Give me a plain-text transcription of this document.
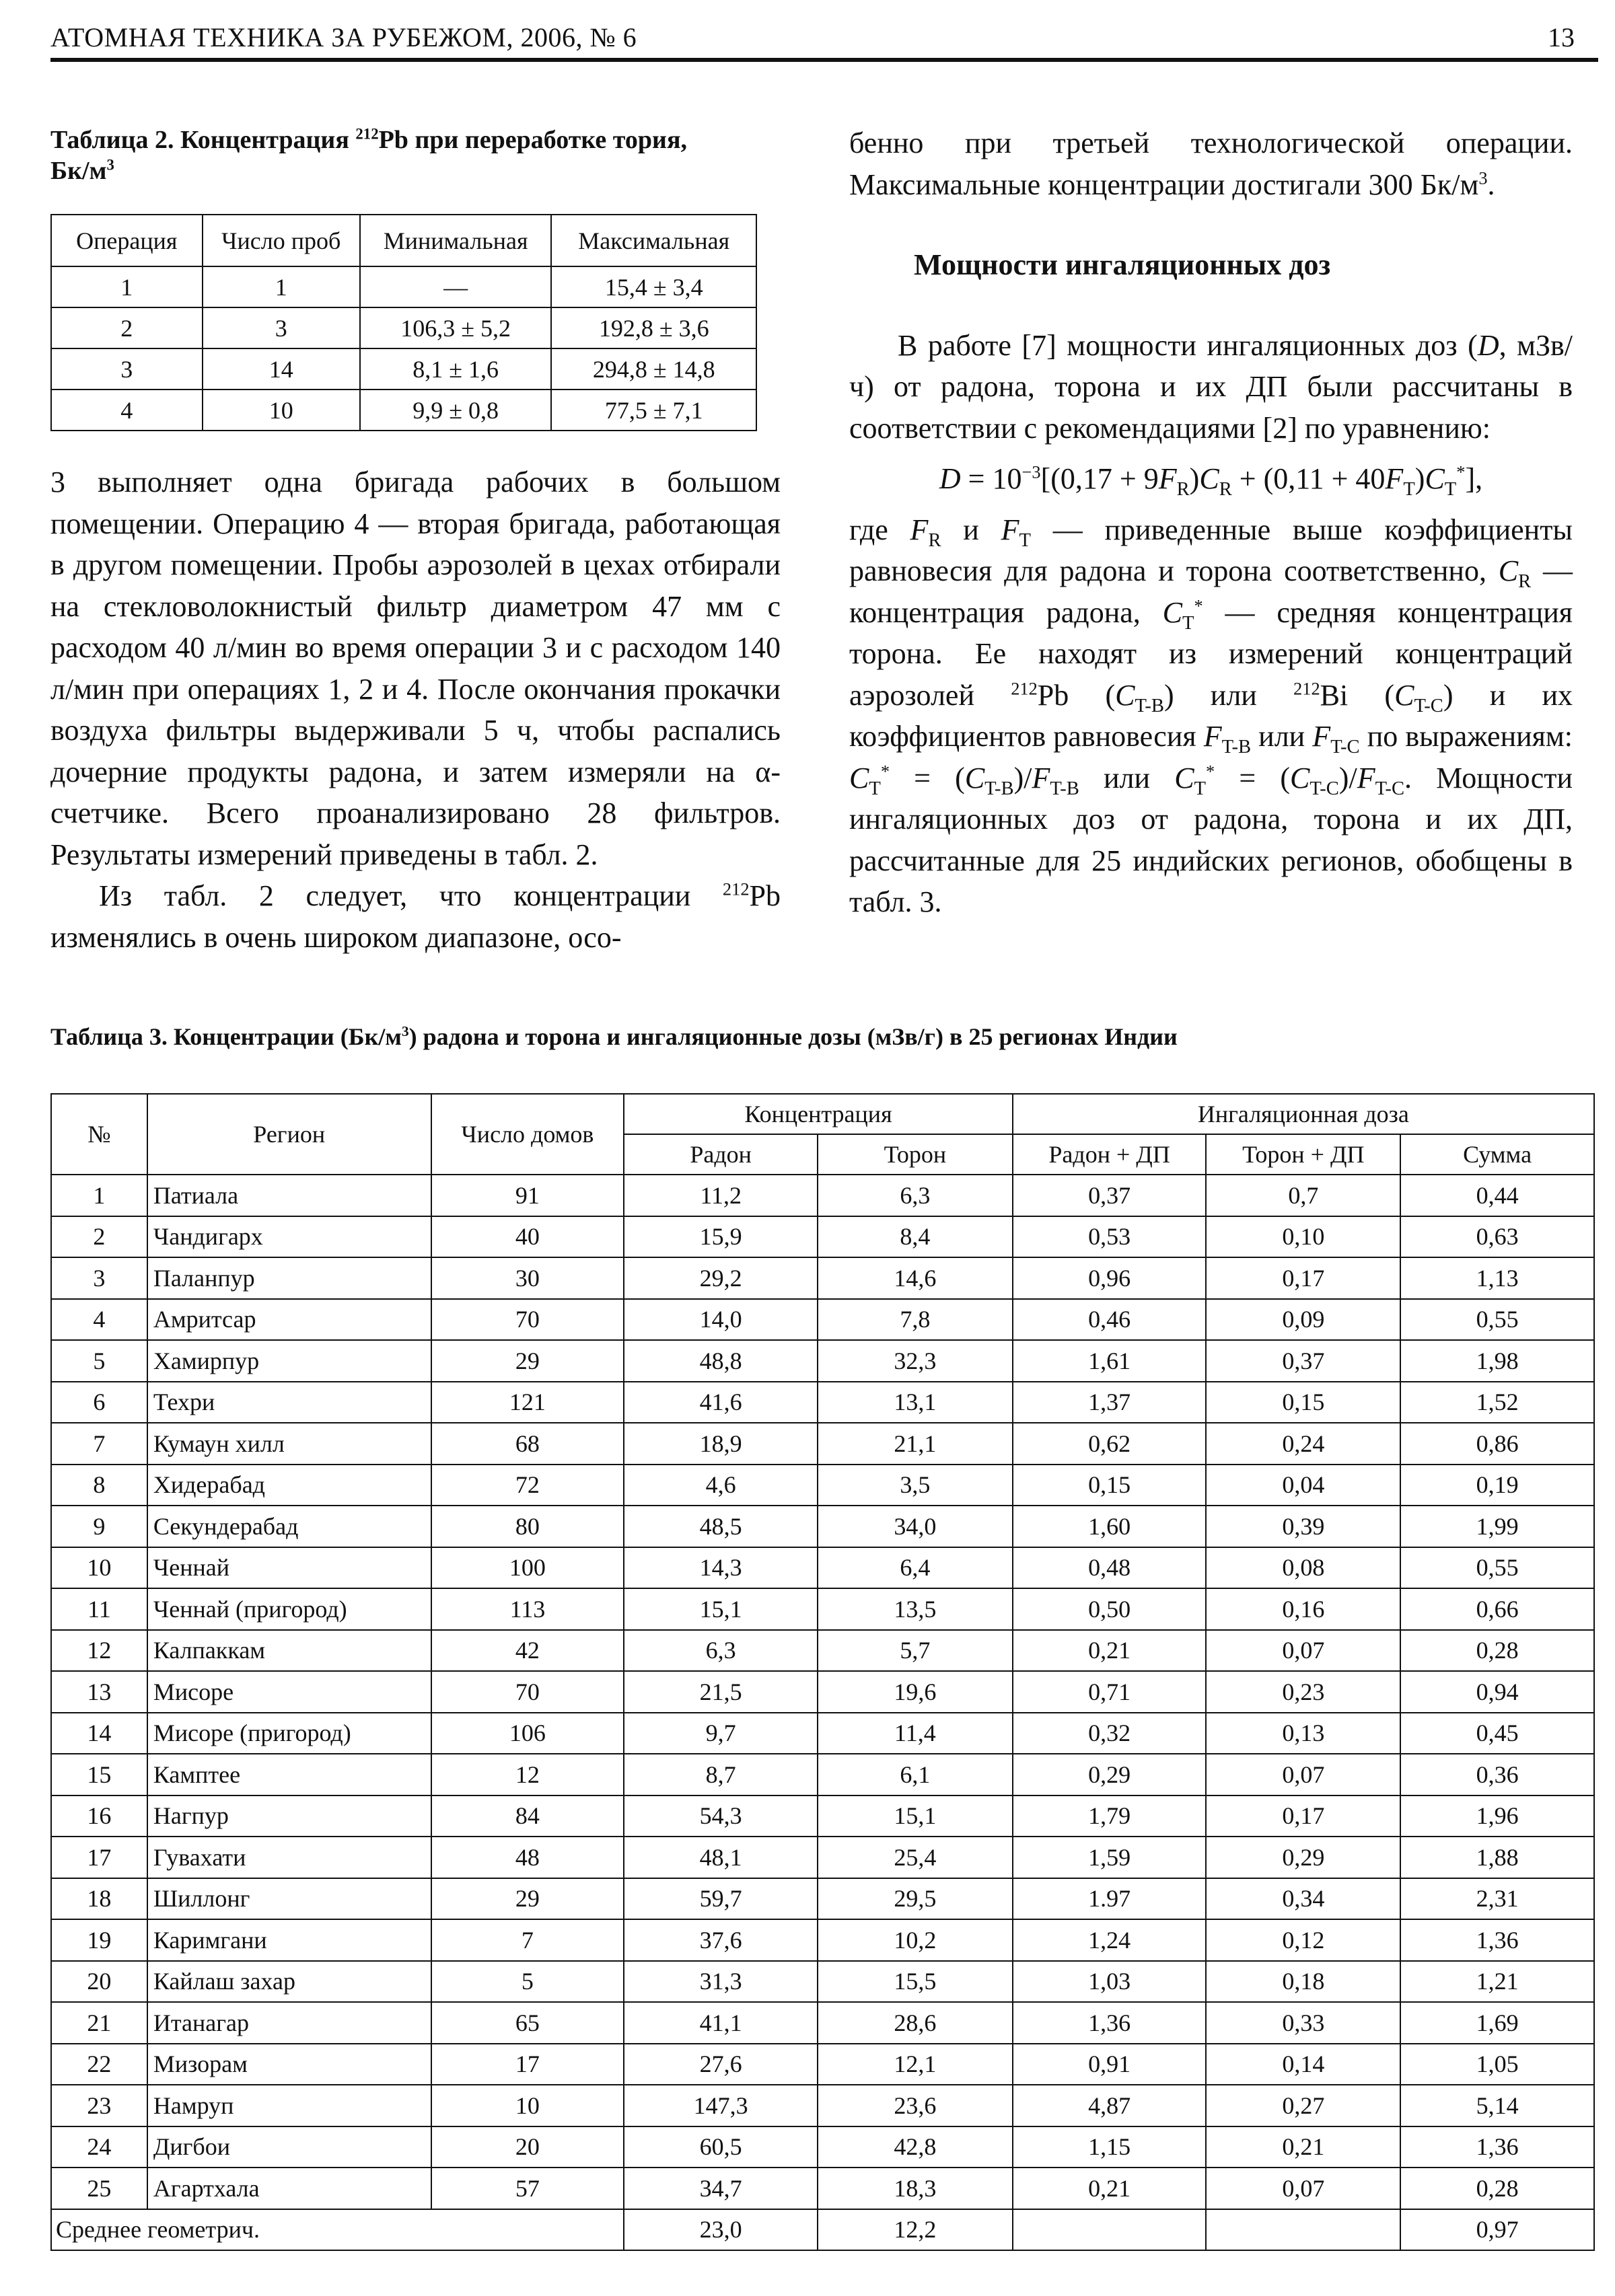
АТОМНАЯ ТЕХНИКА ЗА РУБЕЖОМ, 2006, № 6	13
Таблица 2. Концентрация $^{212}$Pb при переработке тория,
$Бк/м^3$
Операция	Число проб	Минимальная	Максимальная
1	1	—	15,4 ± 3,4
2	3	106,3 ± 5,2	192,8 ± 3,6
3	14	8,1 ± 1,6	294,8 ± 14,8
4	10	9,9 ± 0,8	77,5 ± 7,1

3 выполняет одна бригада рабочих в большом помещении. Операцию 4 — вторая бригада, работающая в другом помещении. Пробы аэрозолей в цехах отбирали на стекловолокнистый фильтр диаметром 47 мм с расходом 40 л/мин во время операции 3 и с расходом 140 л/мин при операциях 1, 2 и 4. После окончания прокачки воздуха фильтры выдерживали 5 ч, чтобы распались дочерние продукты радона, и затем измеряли на α-счетчике. Всего проанализировано 28 фильтров. Результаты измерений приведены в табл. 2.

Из табл. 2 следует, что концентрации $^{212}$Pb изменялись в очень широком диапазоне, осо-

бенно при третьей технологической операции. Максимальные концентрации достигали 300 $Бк/м^3$.

Мощности ингаляционных доз

В работе [7] мощности ингаляционных доз (D, мЗв/ч) от радона, торона и их ДП были рассчитаны в соответствии с рекомендациями [2] по уравнению:

$D = 10^{-3}[(0,17 + 9F_R)C_R + (0,11 + 40F_T)C_T^*]$,

где $F_R$ и $F_T$ — приведенные выше коэффициенты равновесия для радона и торона соответственно, $C_R$ — концентрация радона, $C_T^*$ — средняя концентрация торона. Ее находят из измерений концентраций аэрозолей $^{212}$Pb $(C_{T-B})$ или $^{212}$Bi $(C_{T-C})$ и их коэффициентов равновесия $F_{T-B}$ или $F_{T-C}$ по выражениям: $C_T^* = (C_{T-B})/F_{T-B}$ или $C_T^* = (C_{T-C})/F_{T-C}$. Мощности ингаляционных доз от радона, торона и их ДП, рассчитанные для 25 индийских регионов, обобщены в табл. 3.

Таблица 3. Концентрации $(Бк/м^3)$ радона и торона и ингаляционные дозы (мЗв/г) в 25 регионах Индии
№	Регион	Число домов	Концентрация		Ингаляционная доза		
			Радон	Торон	Радон + ДП	Торон + ДП	Сумма
1	Патиала	91	11,2	6,3	0,37	0,7	0,44
2	Чандигарх	40	15,9	8,4	0,53	0,10	0,63
3	Паланпур	30	29,2	14,6	0,96	0,17	1,13
4	Амритсар	70	14,0	7,8	0,46	0,09	0,55
5	Хамирпур	29	48,8	32,3	1,61	0,37	1,98
6	Техри	121	41,6	13,1	1,37	0,15	1,52
7	Кумаун хилл	68	18,9	21,1	0,62	0,24	0,86
8	Хидерабад	72	4,6	3,5	0,15	0,04	0,19
9	Секундерабад	80	48,5	34,0	1,60	0,39	1,99
10	Ченнай	100	14,3	6,4	0,48	0,08	0,55
11	Ченнай (пригород)	113	15,1	13,5	0,50	0,16	0,66
12	Калпаккам	42	6,3	5,7	0,21	0,07	0,28
13	Мисоре	70	21,5	19,6	0,71	0,23	0,94
14	Мисоре (пригород)	106	9,7	11,4	0,32	0,13	0,45
15	Камптее	12	8,7	6,1	0,29	0,07	0,36
16	Нагпур	84	54,3	15,1	1,79	0,17	1,96
17	Гувахати	48	48,1	25,4	1,59	0,29	1,88
18	Шиллонг	29	59,7	29,5	1.97	0,34	2,31
19	Каримгани	7	37,6	10,2	1,24	0,12	1,36
20	Кайлаш захар	5	31,3	15,5	1,03	0,18	1,21
21	Итанагар	65	41,1	28,6	1,36	0,33	1,69
22	Мизорам	17	27,6	12,1	0,91	0,14	1,05
23	Намруп	10	147,3	23,6	4,87	0,27	5,14
24	Дигбои	20	60,5	42,8	1,15	0,21	1,36
25	Агартхала	57	34,7	18,3	0,21	0,07	0,28
Среднее геометрич.			23,0	12,2			0,97
